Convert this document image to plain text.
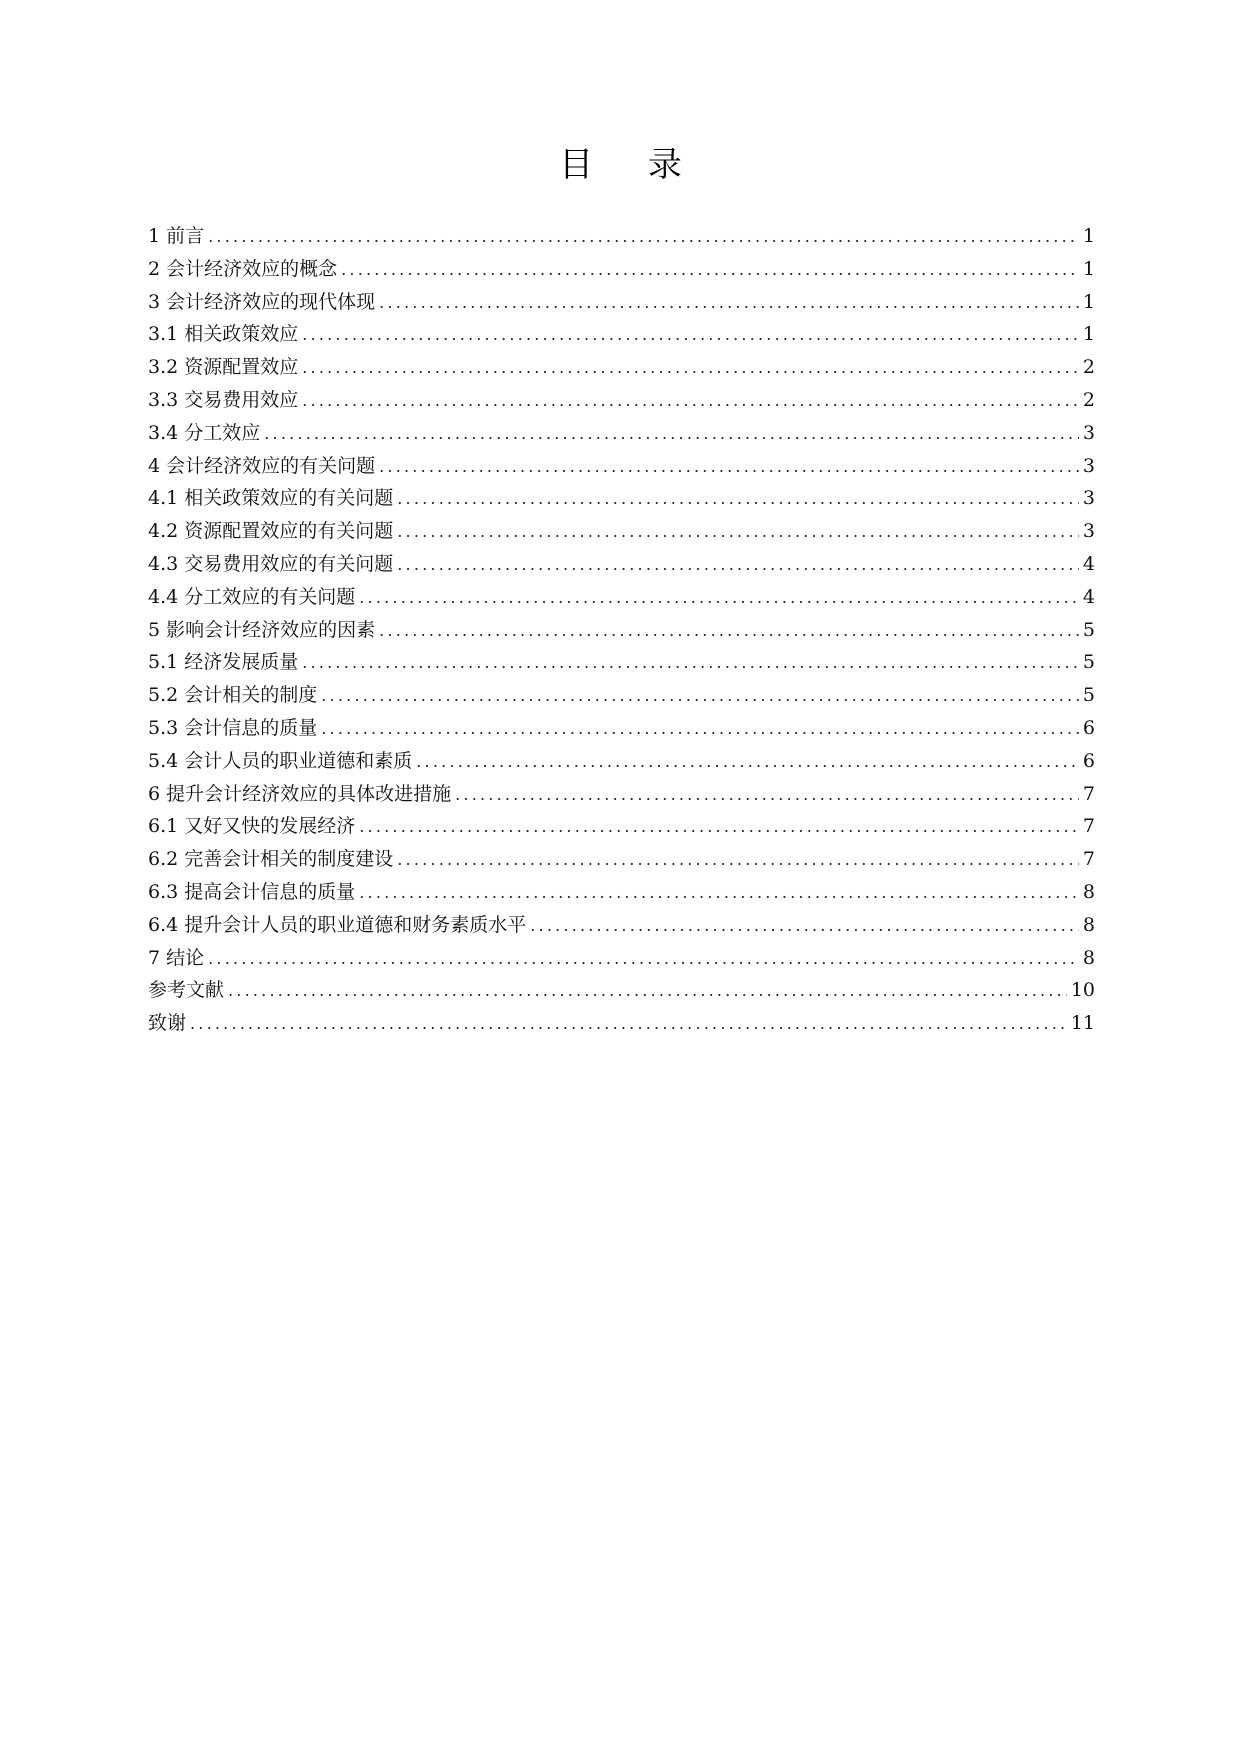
目 录
1 前言 .....	1
2 会计经济效应的概念 .....	1
3 会计经济效应的现代体现 .....	1
3.1 相关政策效应 .....	1
3.2 资源配置效应 .....	2
3.3 交易费用效应 .....	2
3.4 分工效应 .....	3
4 会计经济效应的有关问题 .....	3
4.1 相关政策效应的有关问题 .....	3
4.2 资源配置效应的有关问题 .....	3
4.3 交易费用效应的有关问题 .....	4
4.4 分工效应的有关问题 .....	4
5 影响会计经济效应的因素 .....	5
5.1 经济发展质量 .....	5
5.2 会计相关的制度 .....	5
5.3 会计信息的质量 .....	6
5.4 会计人员的职业道德和素质 .....	6
6 提升会计经济效应的具体改进措施 .....	7
6.1 又好又快的发展经济 .....	7
6.2 完善会计相关的制度建设 .....	7
6.3 提高会计信息的质量 .....	8
6.4 提升会计人员的职业道德和财务素质水平 .....	8
7 结论 .....	8
参考文献 .....	10
致谢 .....	11
